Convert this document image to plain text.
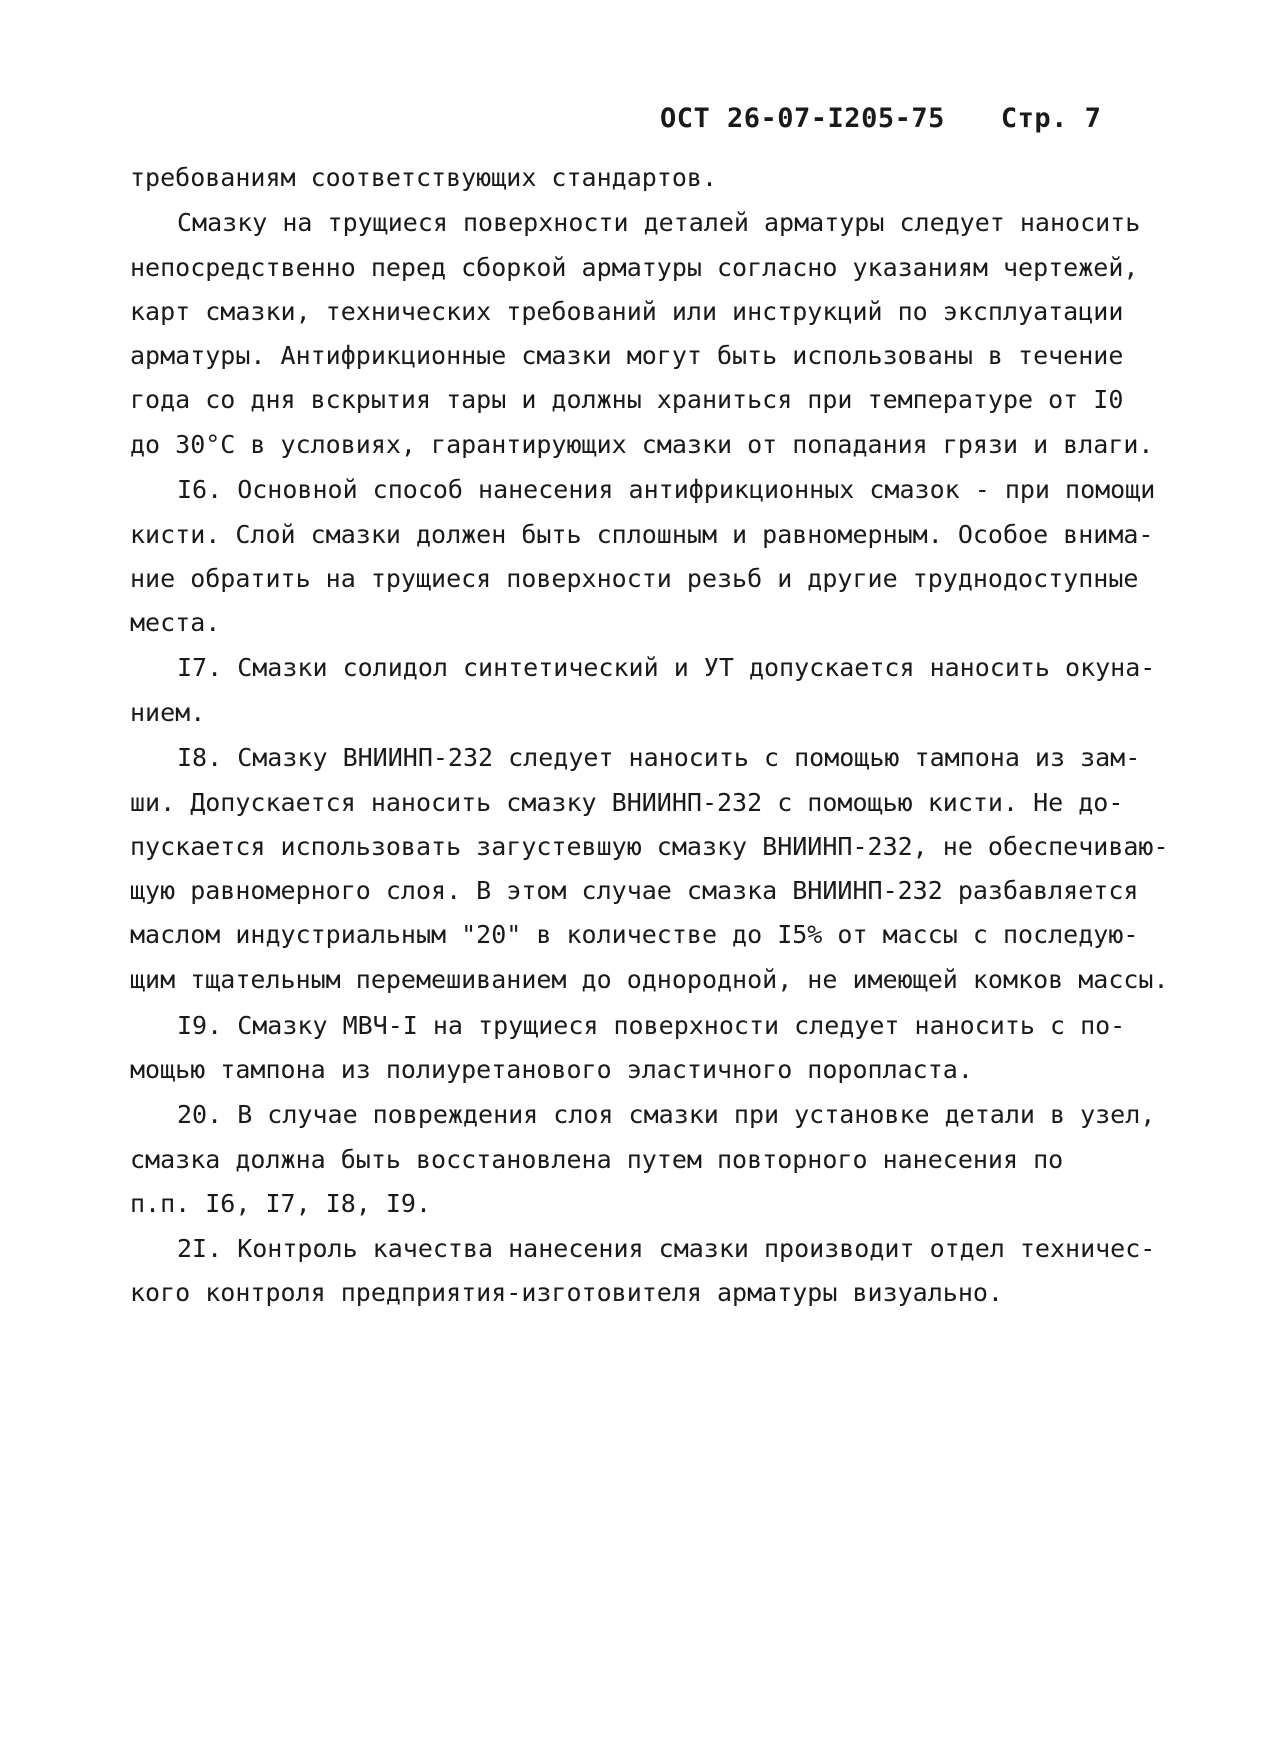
ОСТ 26-07-I205-75 Стр. 7
требованиям соответствующих стандартов.
Смазку на трущиеся поверхности деталей арматуры следует наносить
непосредственно перед сборкой арматуры согласно указаниям чертежей,
карт смазки, технических требований или инструкций по эксплуатации
арматуры. Антифрикционные смазки могут быть использованы в течение
года со дня вскрытия тары и должны храниться при температуре от I0
до 30°С в условиях, гарантирующих смазки от попадания грязи и влаги.
I6. Основной способ нанесения антифрикционных смазок - при помощи
кисти. Слой смазки должен быть сплошным и равномерным. Особое внима-
ние обратить на трущиеся поверхности резьб и другие труднодоступные
места.
I7. Смазки солидол синтетический и УТ допускается наносить окуна-
нием.
I8. Смазку ВНИИНП-232 следует наносить с помощью тампона из зам-
ши. Допускается наносить смазку ВНИИНП-232 с помощью кисти. Не до-
пускается использовать загустевшую смазку ВНИИНП-232, не обеспечиваю-
щую равномерного слоя. В этом случае смазка ВНИИНП-232 разбавляется
маслом индустриальным "20" в количестве до I5% от массы с последую-
щим тщательным перемешиванием до однородной, не имеющей комков массы.
I9. Смазку МВЧ-I на трущиеся поверхности следует наносить с по-
мощью тампона из полиуретанового эластичного поропласта.
20. В случае повреждения слоя смазки при установке детали в узел,
смазка должна быть восстановлена путем повторного нанесения по
п.п. I6, I7, I8, I9.
2I. Контроль качества нанесения смазки производит отдел техничес-
кого контроля предприятия-изготовителя арматуры визуально.
